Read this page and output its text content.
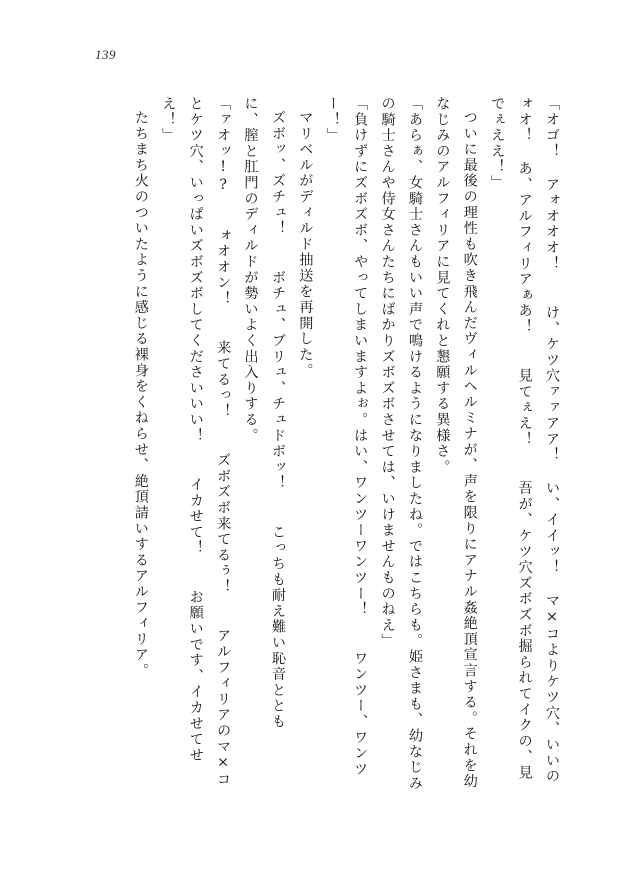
139

「オゴ！ アォオオオ！ 　け、ケツ穴ァァアア！ い、イイッ！ マ×コよりケツ穴、いいのォオ！ あ、アルフィリアぁあ！ 　見てぇえ！ 　吾が、ケツ穴ズボズボ掘られてイクの、見でぇええ！」

ついに最後の理性も吹き飛んだヴィルヘルミナが、声を限りにアナル姦絶頂宣言する。それを幼なじみのアルフィリアに見てくれと懇願する異様さ。

「あらぁ、女騎士さんもいい声で鳴けるようになりましたね。ではこちらも。姫さまも、幼なじみの騎士さんや侍女さんたちにばかりズボズボさせては、いけませんものねえ」

「負けずにズボズボ、やってしまいますよぉ。はい、ワンツーワンツー！ 　ワンツー、ワンツー！」

マリベルがディルド抽送を再開した。

ズボッ、ズチュ！ 　ボチュ、ブリュ、チュドボッ！ 　こっちも耐え難い恥音ととも

に、膣と肛門のディルドが勢いよく出入りする。

「ァオッ!? 　ォオオン！ 　来てるっ！ 　ズボズボ来てるぅ！ 　アルフィリアのマ×コとケツ穴、いっぱいズボズボしてくださいいい！ 　イカせて！ 　お願いです、イカせてせえ！」

たちまち火のついたように感じる裸身をくねらせ、絶頂請いするアルフィリア。
